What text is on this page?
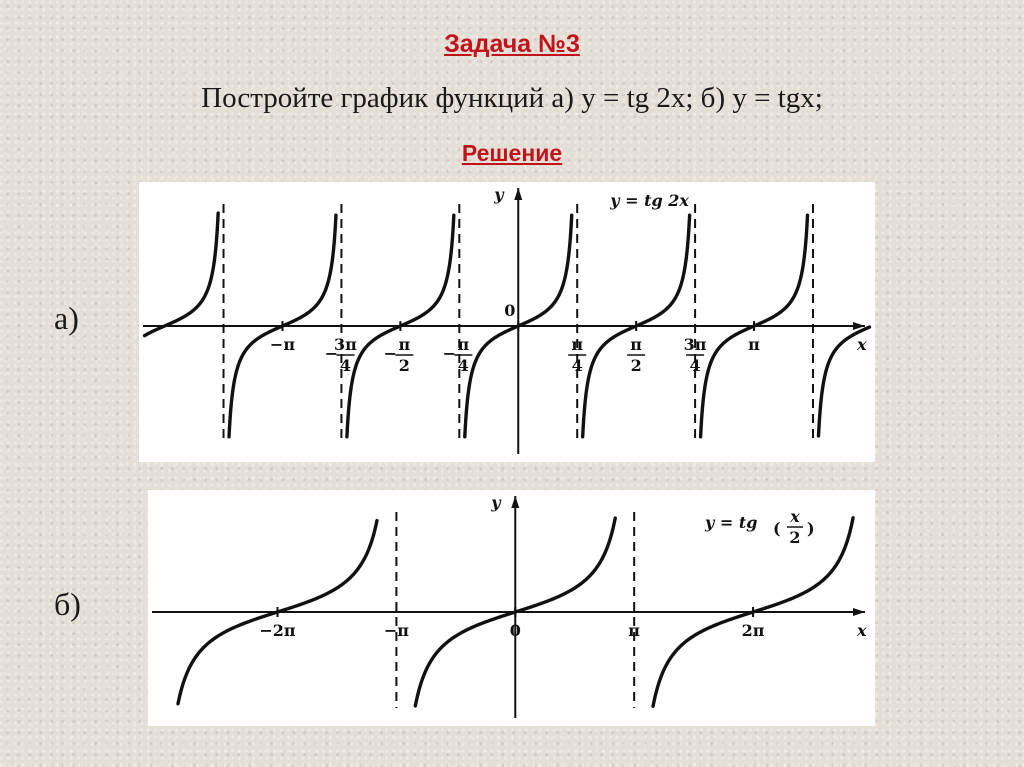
Задача №3
Постройте график функций а) y = tg 2x; б) y = tgx;
Решение
а)
б)
x
y
0
−π −
3π
4
− π
2
− π
4
π
4
π
2
3π
4
π
y = tg 2x
x
y
−2π	−π	0	π	2π
y = tg (
x
2 )
